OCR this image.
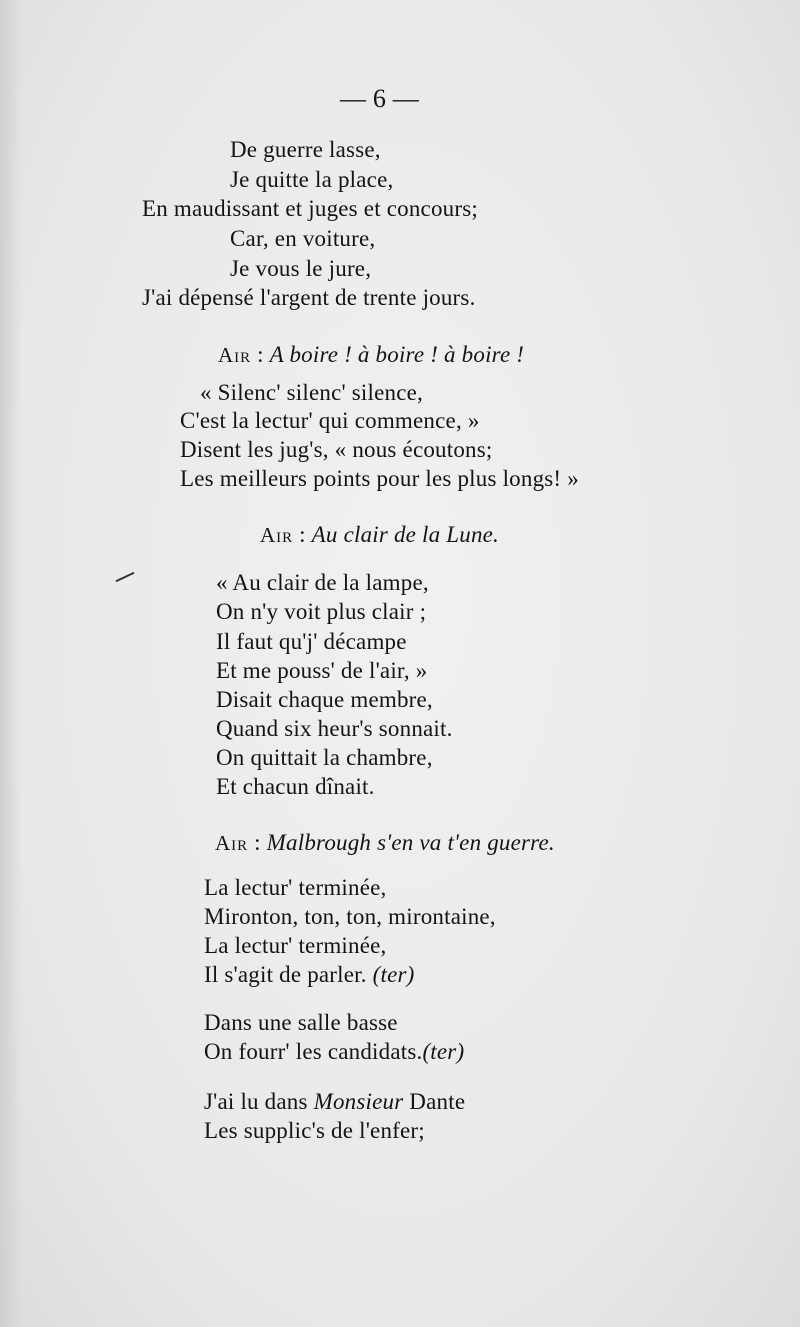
— 6 —
De guerre lasse,
Je quitte la place,
En maudissant et juges et concours;
Car, en voiture,
Je vous le jure,
J'ai dépensé l'argent de trente jours.
Air : A boire ! à boire ! à boire !
« Silenc' silenc' silence,
C'est la lectur' qui commence, »
Disent les jug's, « nous écoutons;
Les meilleurs points pour les plus longs! »
Air : Au clair de la Lune.
« Au clair de la lampe,
On n'y voit plus clair ;
Il faut qu'j' décampe
Et me pouss' de l'air, »
Disait chaque membre,
Quand six heur's sonnait.
On quittait la chambre,
Et chacun dînait.
Air : Malbrough s'en va t'en guerre.
La lectur' terminée,
Mironton, ton, ton, mirontaine,
La lectur' terminée,
Il s'agit de parler. (ter)
Dans une salle basse
On fourr' les candidats.(ter)
J'ai lu dans Monsieur Dante
Les supplic's de l'enfer;
